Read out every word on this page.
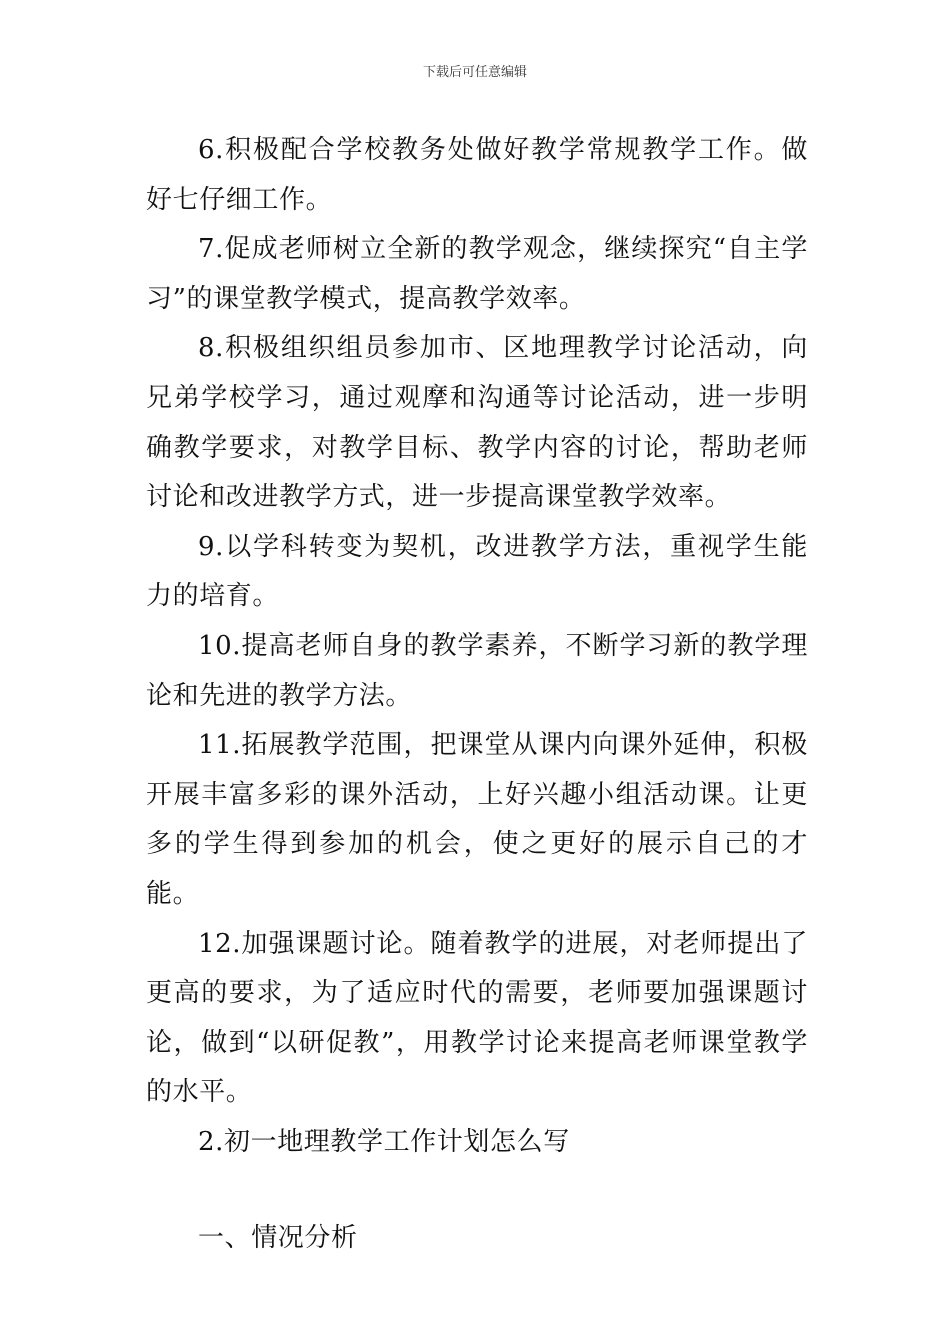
下载后可任意编辑

6.积极配合学校教务处做好教学常规教学工作。做好七仔细工作。

7.促成老师树立全新的教学观念，继续探究“自主学习”的课堂教学模式，提高教学效率。

8.积极组织组员参加市、区地理教学讨论活动，向兄弟学校学习，通过观摩和沟通等讨论活动，进一步明确教学要求，对教学目标、教学内容的讨论，帮助老师讨论和改进教学方式，进一步提高课堂教学效率。

9.以学科转变为契机，改进教学方法，重视学生能力的培育。

10.提高老师自身的教学素养，不断学习新的教学理论和先进的教学方法。

11.拓展教学范围，把课堂从课内向课外延伸，积极开展丰富多彩的课外活动，上好兴趣小组活动课。让更多的学生得到参加的机会，使之更好的展示自己的才能。

12.加强课题讨论。随着教学的进展，对老师提出了更高的要求，为了适应时代的需要，老师要加强课题讨论，做到“以研促教”，用教学讨论来提高老师课堂教学的水平。

2.初一地理教学工作计划怎么写

一、情况分析
